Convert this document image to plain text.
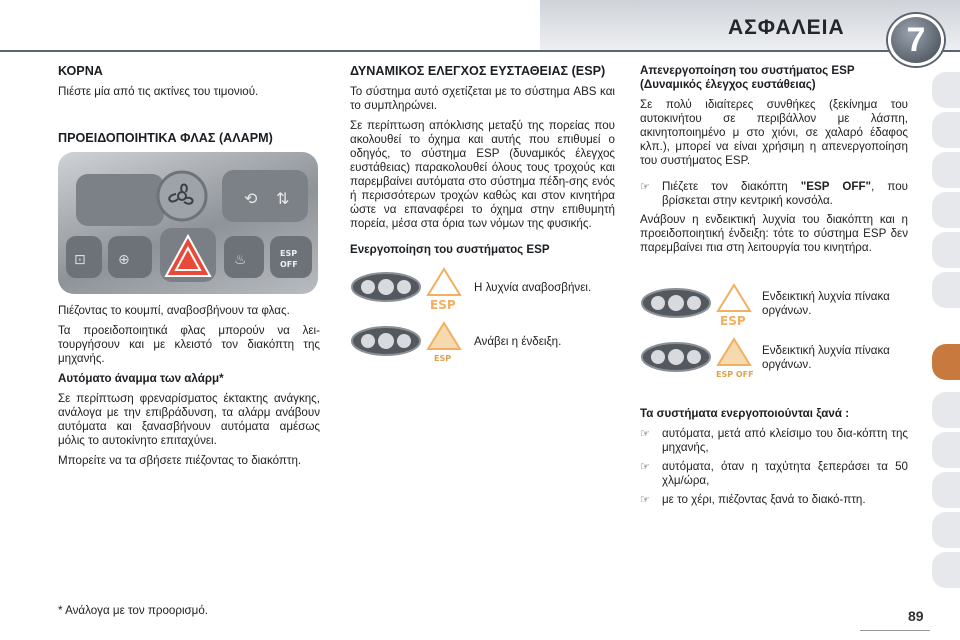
ΑΣΦΑΛΕΙΑ	7
ΚΟΡΝΑ

Πιέστε μία από τις ακτίνες του τιμονιού.

ΠΡΟΕΙΔΟΠΟΙΗΤΙΚΑ ΦΛΑΣ (ΑΛΑΡΜ)
⟲ ⇅
⊡ ⊕	♨	ESP
OFF

Πιέζοντας το κουμπί, αναβοσβήνουν τα φλας.

Τα προειδοποιητικά φλας μπορούν να λει-τουργήσουν και με κλειστό τον διακόπτη της μηχανής.

Αυτόματο άναμμα των αλάρμ*

Σε περίπτωση φρεναρίσματος έκτακτης ανάγκης, ανάλογα με την επιβράδυνση, τα αλάρμ ανάβουν αυτόματα και ξανασβήνουν αυτόματα αμέσως μόλις το αυτοκίνητο επιταχύνει.

Μπορείτε να τα σβήσετε πιέζοντας το διακόπτη.

ΔΥΝΑΜΙΚΟΣ ΕΛΕΓΧΟΣ ΕΥΣΤΑΘΕΙΑΣ (ESP)

Το σύστημα αυτό σχετίζεται με το σύστημα ABS και το συμπληρώνει.

Σε περίπτωση απόκλισης μεταξύ της πορείας που ακολουθεί το όχημα και αυτής που επιθυμεί ο οδηγός, το σύστημα ESP (δυναμικός έλεγχος ευστάθειας) παρακολουθεί όλους τους τροχούς και παρεμβαίνει αυτόματα στο σύστημα πέδη-σης ενός ή περισσότερων τροχών καθώς και στον κινητήρα ώστε να επαναφέρει το όχημα στην επιθυμητή πορεία, μέσα στα όρια των νόμων της φυσικής.

Ενεργοποίηση του συστήματος ESP
ESP
Η λυχνία αναβοσβήνει.
ESP
Ανάβει η ένδειξη.
Απενεργοποίηση του συστήματος ESP (Δυναμικός έλεγχος ευστάθειας)

Σε πολύ ιδιαίτερες συνθήκες (ξεκίνημα του αυτοκινήτου σε περιβάλλον με λάσπη, ακινητοποιημένο μ στο χιόνι, σε χαλαρό έδαφος κλπ.), μπορεί να είναι χρήσιμη η απενεργοποίηση του συστήματος ESP.

☞	Πιέζετε τον διακόπτη "ESP OFF", που βρίσκεται στην κεντρική κονσόλα.

Ανάβουν η ενδεικτική λυχνία του διακόπτη και η προειδοποιητική ένδειξη: τότε το σύστημα ESP δεν παρεμβαίνει πια στη λειτουργία του κινητήρα.

ESP
Ενδεικτική λυχνία πίνακα οργάνων.
ESP OFF
Ενδεικτική λυχνία πίνακα οργάνων.
Τα συστήματα ενεργοποιούνται ξανά :
☞	αυτόματα, μετά από κλείσιμο του δια-κόπτη της μηχανής,
☞	αυτόματα, όταν η ταχύτητα ξεπεράσει τα 50 χλμ/ώρα,
☞	με το χέρι, πιέζοντας ξανά το διακό-πτη.
* Ανάλογα με τον προορισμό.	89
